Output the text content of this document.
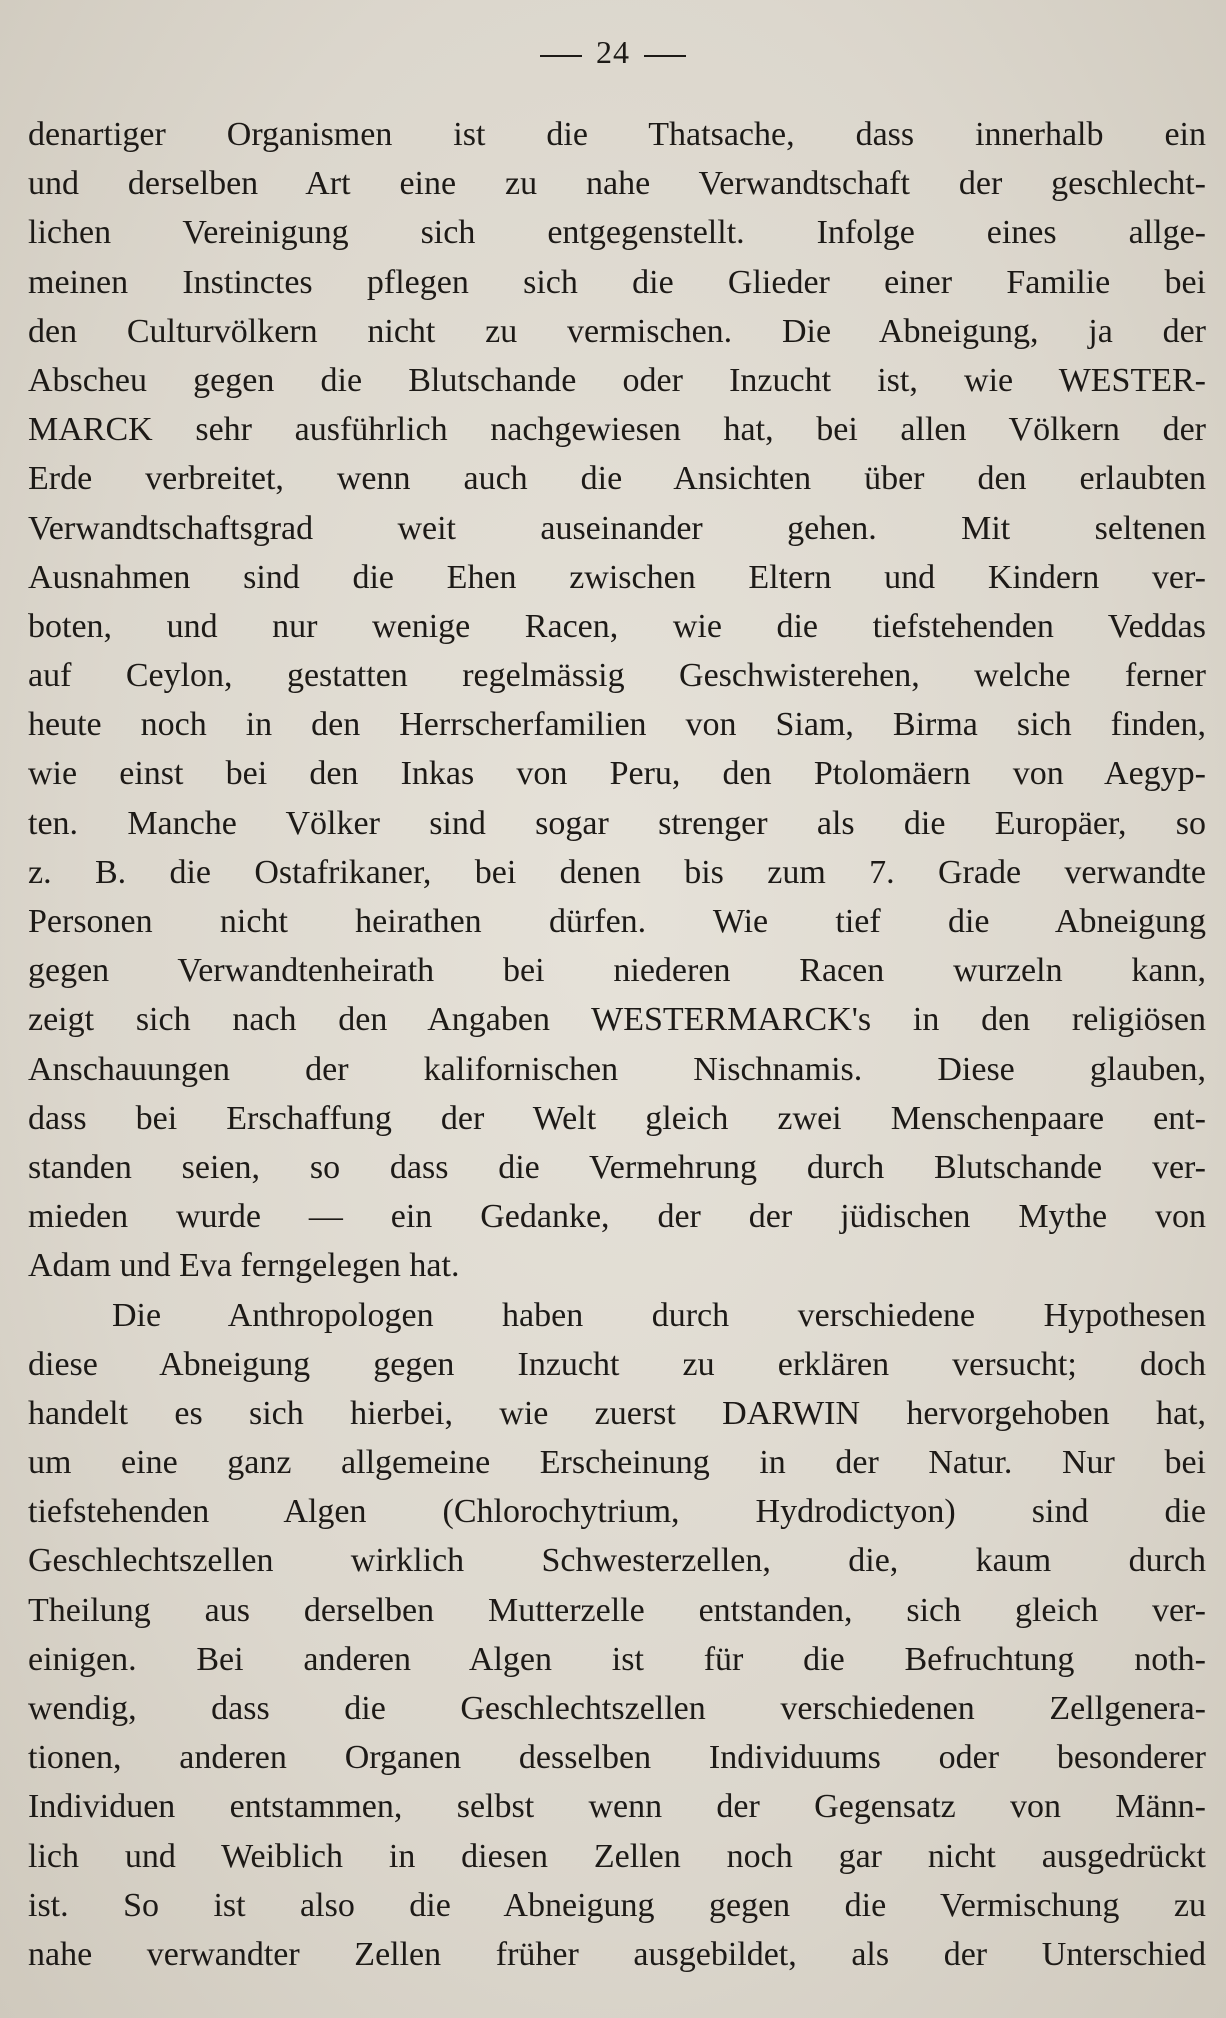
24
denartiger Organismen ist die Thatsache, dass innerhalb ein
und derselben Art eine zu nahe Verwandtschaft der geschlecht-
lichen Vereinigung sich entgegenstellt. Infolge eines allge-
meinen Instinctes pflegen sich die Glieder einer Familie bei
den Culturvölkern nicht zu vermischen. Die Abneigung, ja der
Abscheu gegen die Blutschande oder Inzucht ist, wie WESTER-
MARCK sehr ausführlich nachgewiesen hat, bei allen Völkern der
Erde verbreitet, wenn auch die Ansichten über den erlaubten
Verwandtschaftsgrad weit auseinander gehen. Mit seltenen
Ausnahmen sind die Ehen zwischen Eltern und Kindern ver-
boten, und nur wenige Racen, wie die tiefstehenden Veddas
auf Ceylon, gestatten regelmässig Geschwisterehen, welche ferner
heute noch in den Herrscherfamilien von Siam, Birma sich finden,
wie einst bei den Inkas von Peru, den Ptolomäern von Aegyp-
ten. Manche Völker sind sogar strenger als die Europäer, so
z. B. die Ostafrikaner, bei denen bis zum 7. Grade verwandte
Personen nicht heirathen dürfen. Wie tief die Abneigung
gegen Verwandtenheirath bei niederen Racen wurzeln kann,
zeigt sich nach den Angaben WESTERMARCK's in den religiösen
Anschauungen der kalifornischen Nischnamis. Diese glauben,
dass bei Erschaffung der Welt gleich zwei Menschenpaare ent-
standen seien, so dass die Vermehrung durch Blutschande ver-
mieden wurde — ein Gedanke, der der jüdischen Mythe von
Adam und Eva ferngelegen hat.
Die Anthropologen haben durch verschiedene Hypothesen
diese Abneigung gegen Inzucht zu erklären versucht; doch
handelt es sich hierbei, wie zuerst DARWIN hervorgehoben hat,
um eine ganz allgemeine Erscheinung in der Natur. Nur bei
tiefstehenden Algen (Chlorochytrium, Hydrodictyon) sind die
Geschlechtszellen wirklich Schwesterzellen, die, kaum durch
Theilung aus derselben Mutterzelle entstanden, sich gleich ver-
einigen. Bei anderen Algen ist für die Befruchtung noth-
wendig, dass die Geschlechtszellen verschiedenen Zellgenera-
tionen, anderen Organen desselben Individuums oder besonderer
Individuen entstammen, selbst wenn der Gegensatz von Männ-
lich und Weiblich in diesen Zellen noch gar nicht ausgedrückt
ist. So ist also die Abneigung gegen die Vermischung zu
nahe verwandter Zellen früher ausgebildet, als der Unterschied
